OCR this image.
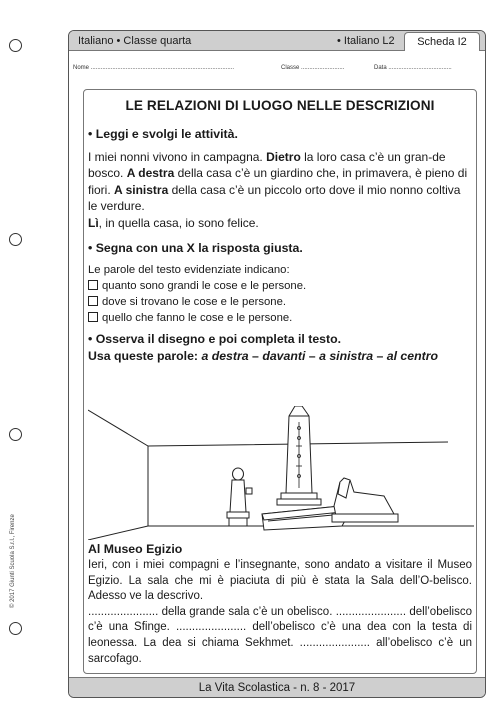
Italiano • Classe quarta	• Italiano L2	Scheda I2
Nome ......................................................................................	Classe ..........................	Data ......................................
LE RELAZIONI DI LUOGO NELLE DESCRIZIONI
• Leggi e svolgi le attività.
I miei nonni vivono in campagna. Dietro la loro casa c’è un gran-de bosco. A destra della casa c’è un giardino che, in primavera, è pieno di fiori. A sinistra della casa c’è un piccolo orto dove il mio nonno coltiva le verdure.
Lì, in quella casa, io sono felice.
• Segna con una X la risposta giusta.
Le parole del testo evidenziate indicano:
quanto sono grandi le cose e le persone.
dove si trovano le cose e le persone.
quello che fanno le cose e le persone.
• Osserva il disegno e poi completa il testo.
Usa queste parole: a destra – davanti – a sinistra – al centro
Al Museo Egizio

Ieri, con i miei compagni e l’insegnante, sono andato a visitare il Museo Egizio. La sala che mi è piaciuta di più è stata la Sala dell’O-belisco. Adesso ve la descrivo.

...................... della grande sala c’è un obelisco. ...................... dell’obelisco c’è una Sfinge. ...................... dell’obelisco c’è una dea con la testa di leonessa. La dea si chiama Sekhmet. ...................... all’obelisco c’è un sarcofago.

La Vita Scolastica - n. 8 - 2017
© 2017 Giunti Scuola S.r.l., Firenze
